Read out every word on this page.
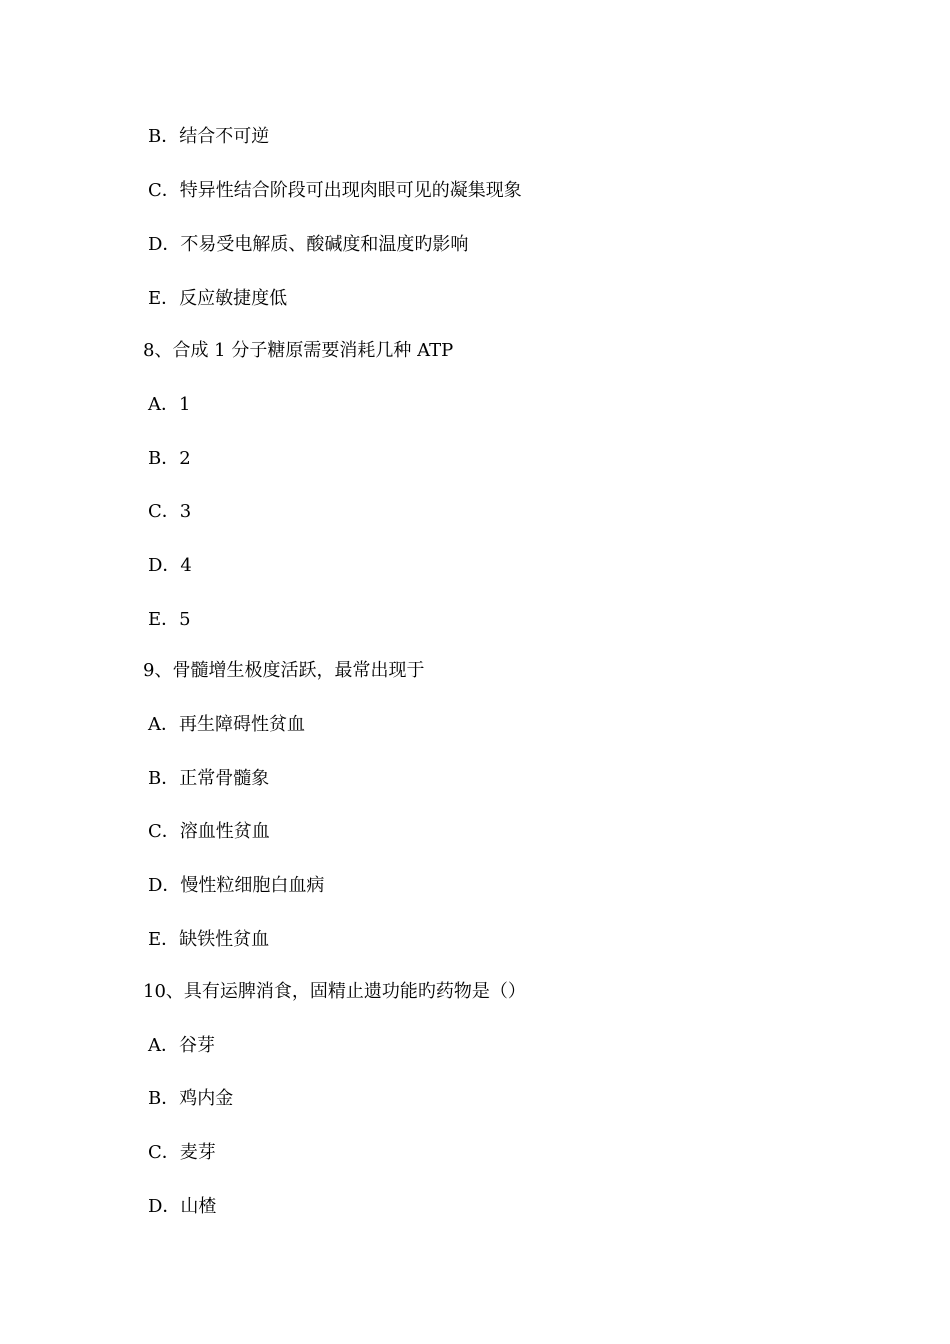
B．结合不可逆
C．特异性结合阶段可出现肉眼可见的凝集现象
D．不易受电解质、酸碱度和温度旳影响
E．反应敏捷度低
8、合成 1 分子糖原需要消耗几种 ATP
A．1
B．2
C．3
D．4
E．5
9、骨髓增生极度活跃，最常出现于
A．再生障碍性贫血
B．正常骨髓象
C．溶血性贫血
D．慢性粒细胞白血病
E．缺铁性贫血
10、具有运脾消食，固精止遗功能旳药物是（）
A．谷芽
B．鸡内金
C．麦芽
D．山楂
